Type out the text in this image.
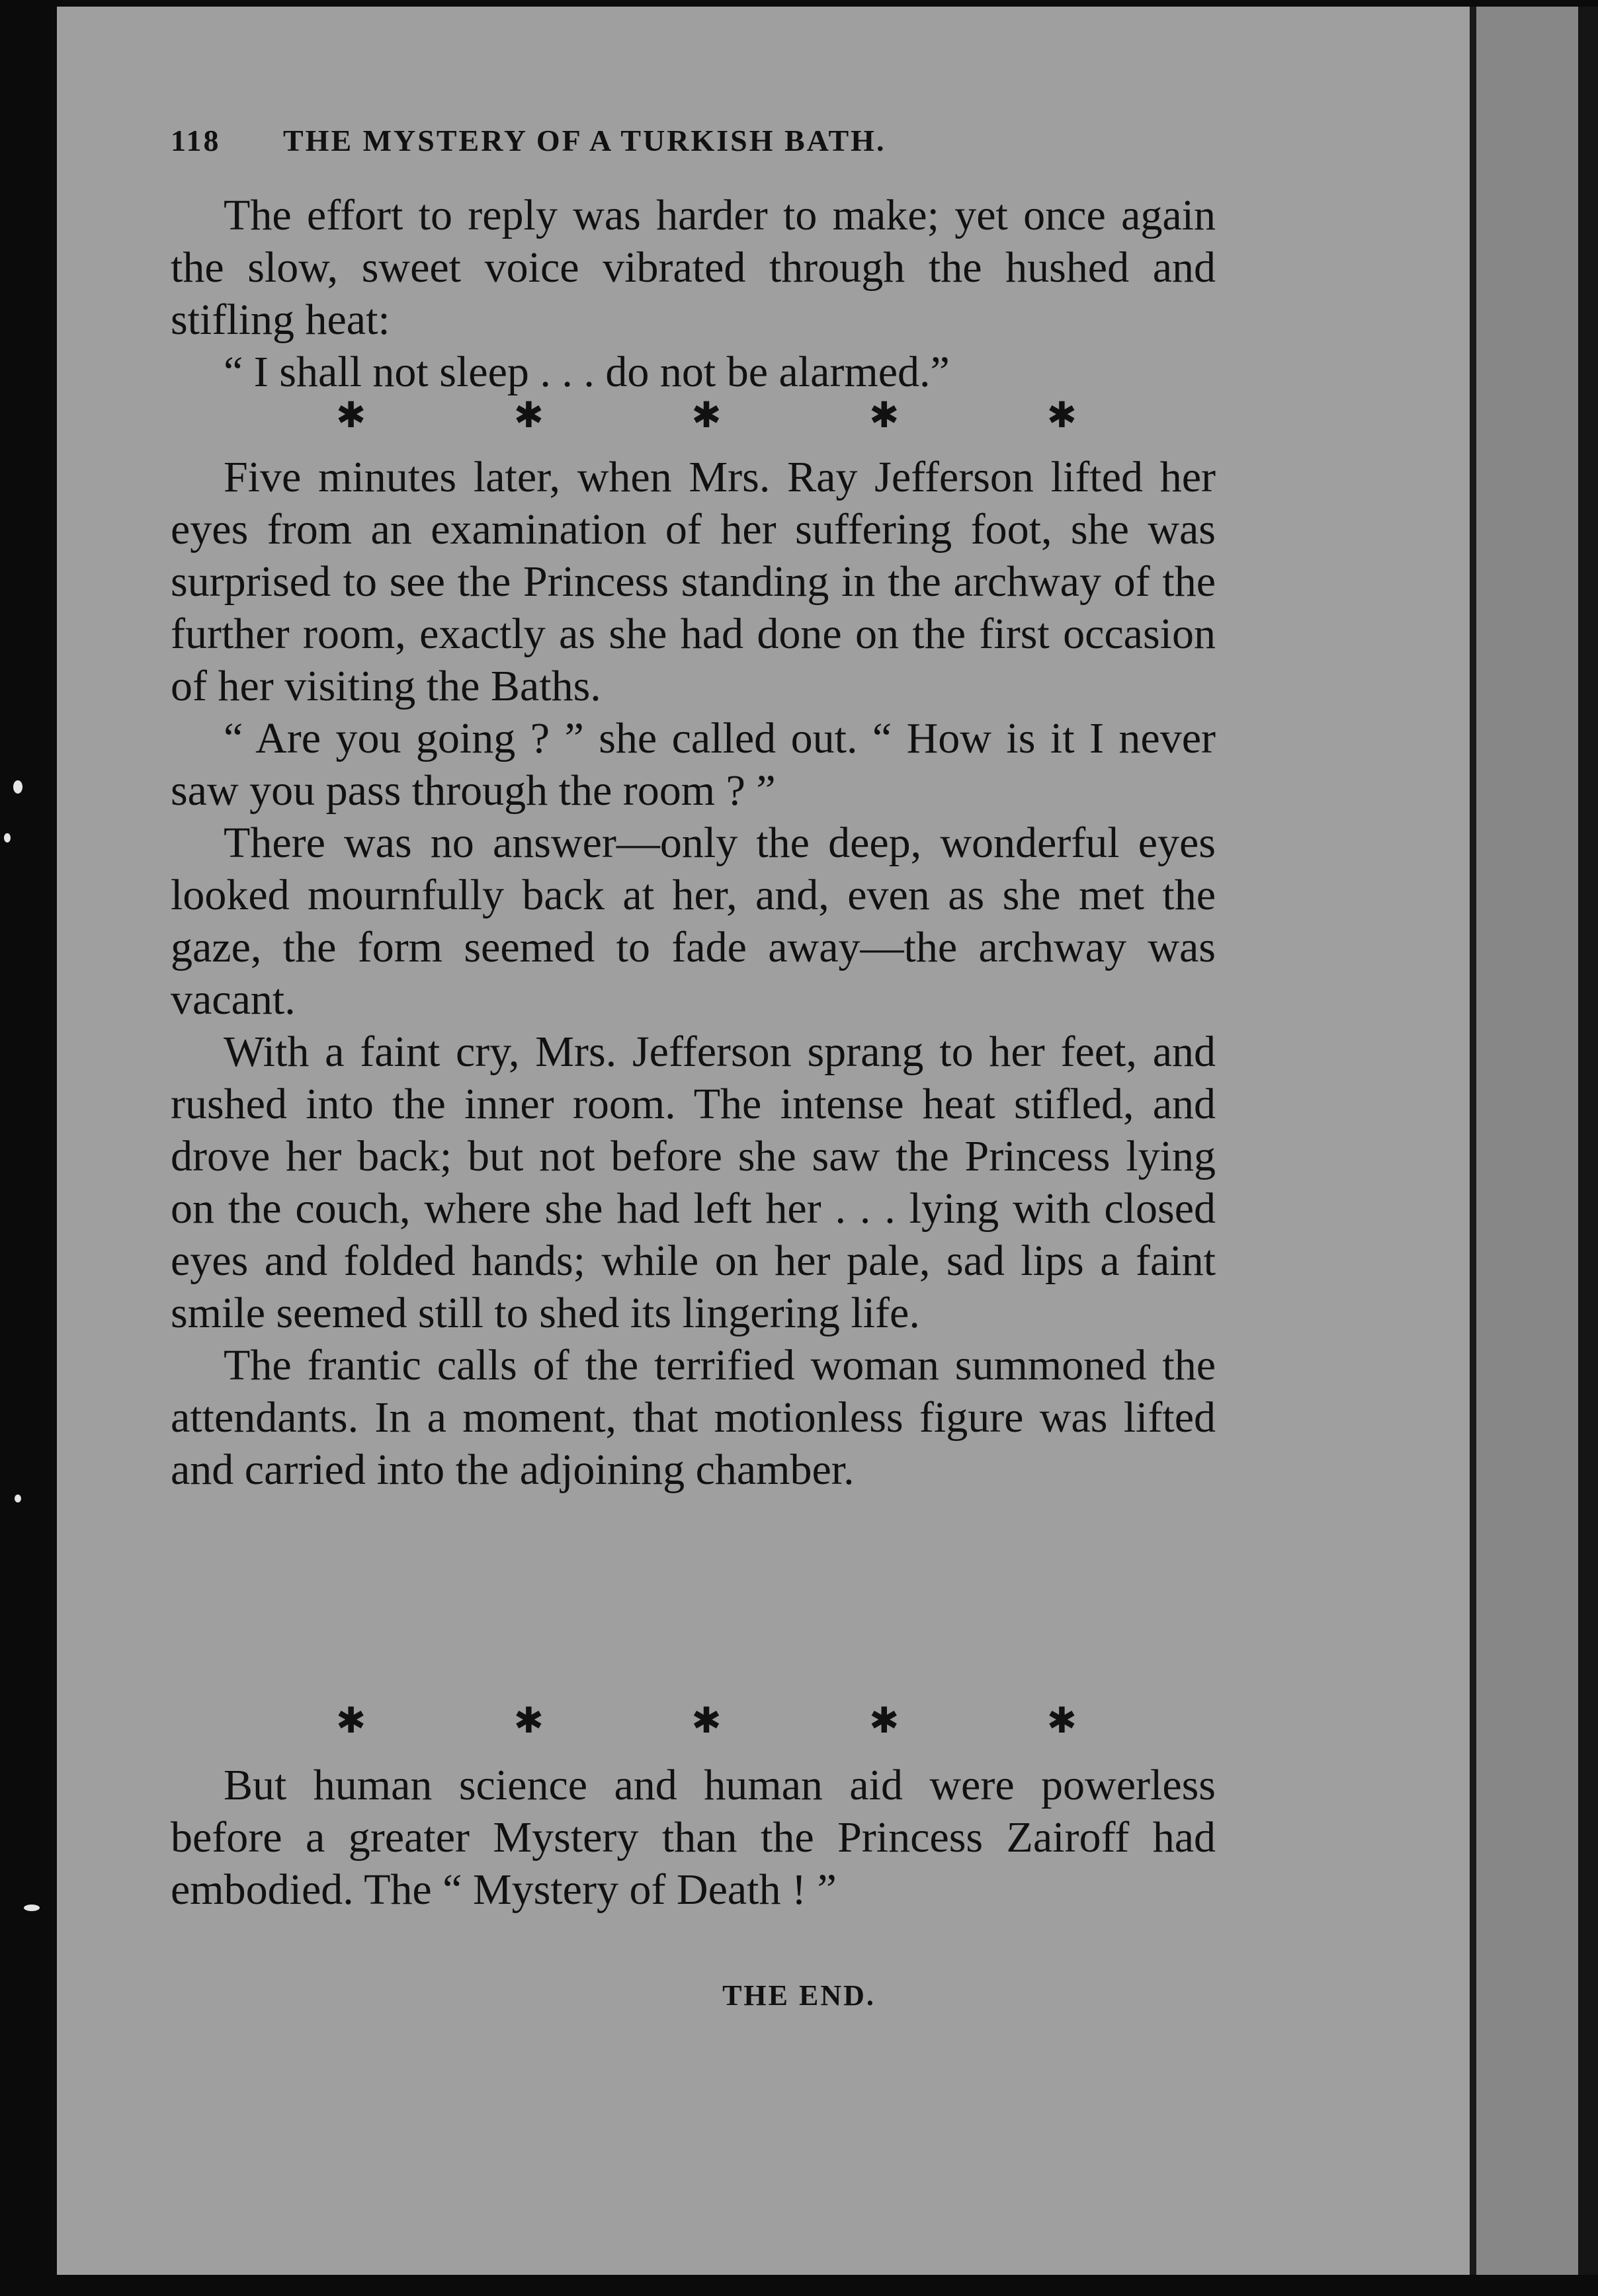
118 THE MYSTERY OF A TURKISH BATH.

The effort to reply was harder to make; yet once again the slow, sweet voice vibrated through the hushed and stifling heat:

“ I shall not sleep . . . do not be alarmed.”

✱	✱	✱	✱	✱

Five minutes later, when Mrs. Ray Jefferson lifted her eyes from an examination of her suffering foot, she was surprised to see the Princess standing in the archway of the further room, exactly as she had done on the first occasion of her visiting the Baths.

“ Are you going ? ” she called out. “ How is it I never saw you pass through the room ? ”

There was no answer—only the deep, wonderful eyes looked mournfully back at her, and, even as she met the gaze, the form seemed to fade away—the archway was vacant.

With a faint cry, Mrs. Jefferson sprang to her feet, and rushed into the inner room. The intense heat stifled, and drove her back; but not before she saw the Princess lying on the couch, where she had left her . . . lying with closed eyes and folded hands; while on her pale, sad lips a faint smile seemed still to shed its lingering life.

The frantic calls of the terrified woman summoned the attendants. In a moment, that motionless figure was lifted and carried into the adjoining chamber.

✱	✱	✱	✱	✱

But human science and human aid were powerless before a greater Mystery than the Princess Zairoff had embodied. The “ Mystery of Death ! ”

THE END.
